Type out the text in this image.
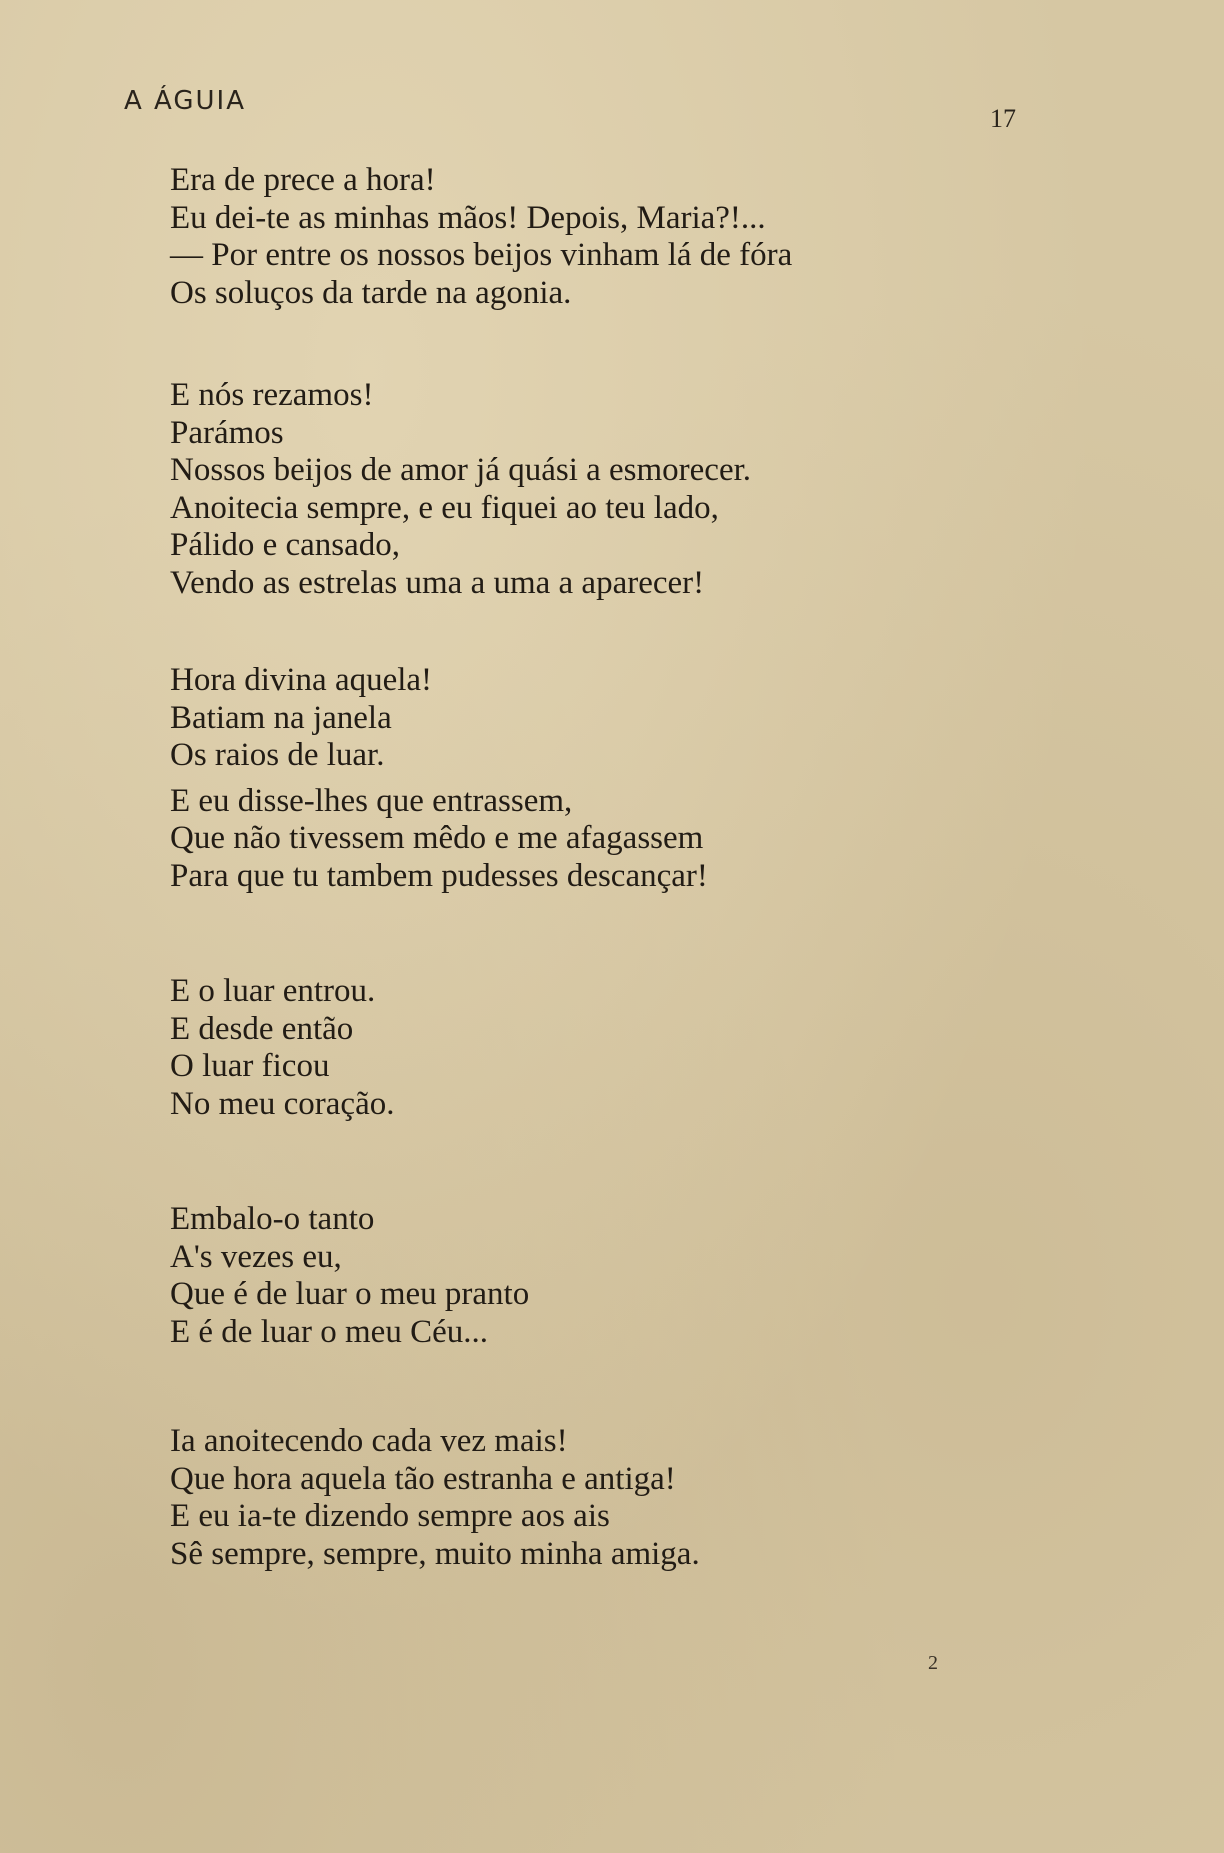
A ÁGUIA
17
Era de prece a hora!
Eu dei-te as minhas mãos! Depois, Maria?!...
— Por entre os nossos beijos vinham lá de fóra
Os soluços da tarde na agonia.
E nós rezamos!
Parámos
Nossos beijos de amor já quási a esmorecer.
Anoitecia sempre, e eu fiquei ao teu lado,
Pálido e cansado,
Vendo as estrelas uma a uma a aparecer!
Hora divina aquela!
Batiam na janela
Os raios de luar.
E eu disse-lhes que entrassem,
Que não tivessem mêdo e me afagassem
Para que tu tambem pudesses descançar!
E o luar entrou.
E desde então
O luar ficou
No meu coração.
Embalo-o tanto
A's vezes eu,
Que é de luar o meu pranto
E é de luar o meu Céu...
Ia anoitecendo cada vez mais!
Que hora aquela tão estranha e antiga!
E eu ia-te dizendo sempre aos ais
Sê sempre, sempre, muito minha amiga.
2
